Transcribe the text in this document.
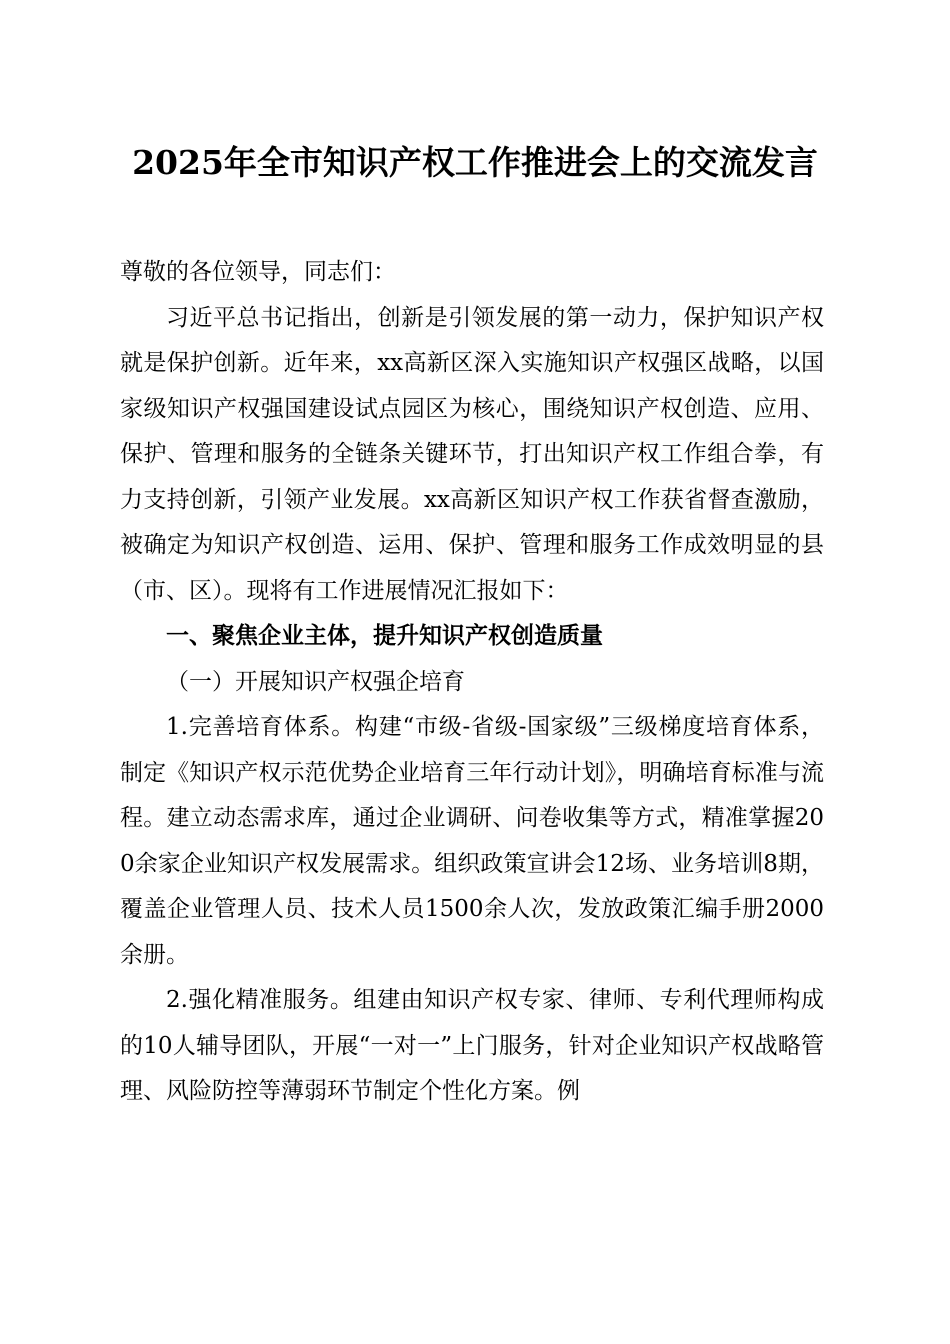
2025年全市知识产权工作推进会上的交流发言

尊敬的各位领导，同志们：

习近平总书记指出，创新是引领发展的第一动力，保护知识产权就是保护创新。近年来，xx高新区深入实施知识产权强区战略，以国家级知识产权强国建设试点园区为核心，围绕知识产权创造、应用、保护、管理和服务的全链条关键环节，打出知识产权工作组合拳，有力支持创新，引领产业发展。xx高新区知识产权工作获省督查激励，被确定为知识产权创造、运用、保护、管理和服务工作成效明显的县（市、区）。现将有工作进展情况汇报如下：

一、聚焦企业主体，提升知识产权创造质量

（一）开展知识产权强企培育

1.完善培育体系。构建“市级-省级-国家级”三级梯度培育体系，制定《知识产权示范优势企业培育三年行动计划》，明确培育标准与流程。建立动态需求库，通过企业调研、问卷收集等方式，精准掌握200余家企业知识产权发展需求。组织政策宣讲会12场、业务培训8期，覆盖企业管理人员、技术人员1500余人次，发放政策汇编手册2000余册。

2.强化精准服务。组建由知识产权专家、律师、专利代理师构成的10人辅导团队，开展“一对一”上门服务，针对企业知识产权战略管理、风险防控等薄弱环节制定个性化方案。例
